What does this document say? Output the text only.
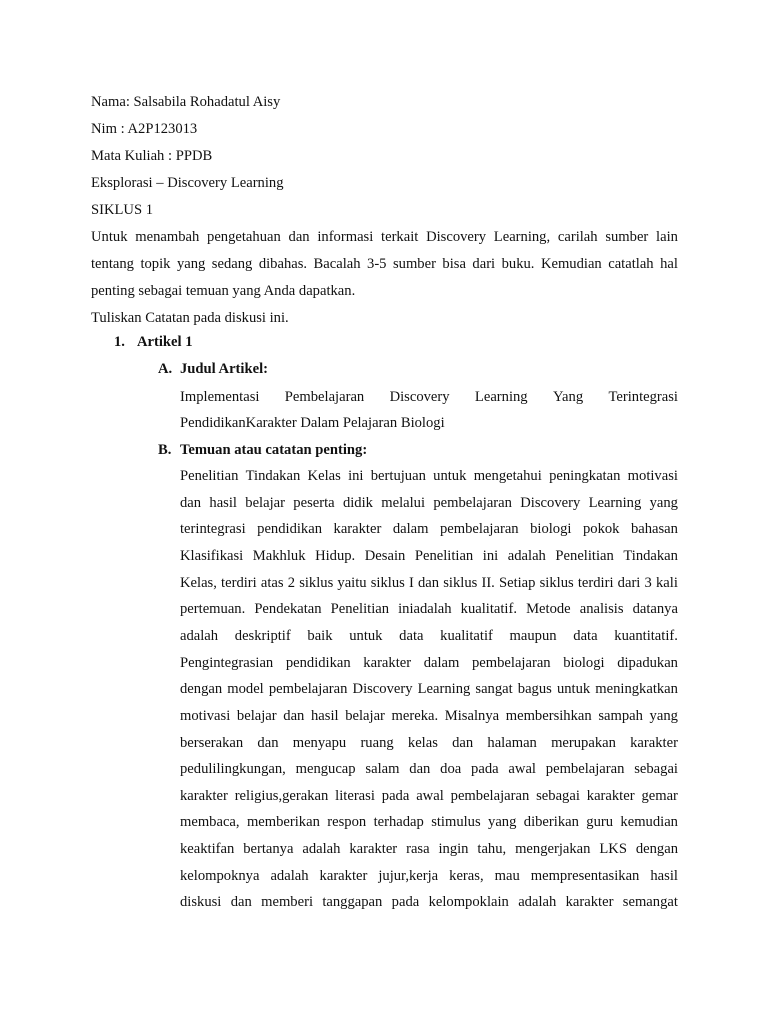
Nama: Salsabila Rohadatul Aisy
Nim : A2P123013
Mata Kuliah : PPDB
Eksplorasi – Discovery Learning
SIKLUS 1
Untuk menambah pengetahuan dan informasi terkait Discovery Learning, carilah sumber lain
tentang topik yang sedang dibahas. Bacalah 3-5 sumber bisa dari buku. Kemudian catatlah hal
penting sebagai temuan yang Anda dapatkan.
Tuliskan Catatan pada diskusi ini.
1. Artikel 1
A. Judul Artikel:
Implementasi Pembelajaran Discovery Learning Yang Terintegrasi
PendidikanKarakter Dalam Pelajaran Biologi
B. Temuan atau catatan penting:
Penelitian Tindakan Kelas ini bertujuan untuk mengetahui peningkatan motivasi
dan hasil belajar peserta didik melalui pembelajaran Discovery Learning yang
terintegrasi pendidikan karakter dalam pembelajaran biologi pokok bahasan
Klasifikasi Makhluk Hidup. Desain Penelitian ini adalah Penelitian Tindakan
Kelas, terdiri atas 2 siklus yaitu siklus I dan siklus II. Setiap siklus terdiri dari 3 kali
pertemuan. Pendekatan Penelitian iniadalah kualitatif. Metode analisis datanya
adalah deskriptif baik untuk data kualitatif maupun data kuantitatif.
Pengintegrasian pendidikan karakter dalam pembelajaran biologi dipadukan
dengan model pembelajaran Discovery Learning sangat bagus untuk meningkatkan
motivasi belajar dan hasil belajar mereka. Misalnya membersihkan sampah yang
berserakan dan menyapu ruang kelas dan halaman merupakan karakter
pedulilingkungan, mengucap salam dan doa pada awal pembelajaran sebagai
karakter religius,gerakan literasi pada awal pembelajaran sebagai karakter gemar
membaca, memberikan respon terhadap stimulus yang diberikan guru kemudian
keaktifan bertanya adalah karakter rasa ingin tahu, mengerjakan LKS dengan
kelompoknya adalah karakter jujur,kerja keras, mau mempresentasikan hasil
diskusi dan memberi tanggapan pada kelompoklain adalah karakter semangat
